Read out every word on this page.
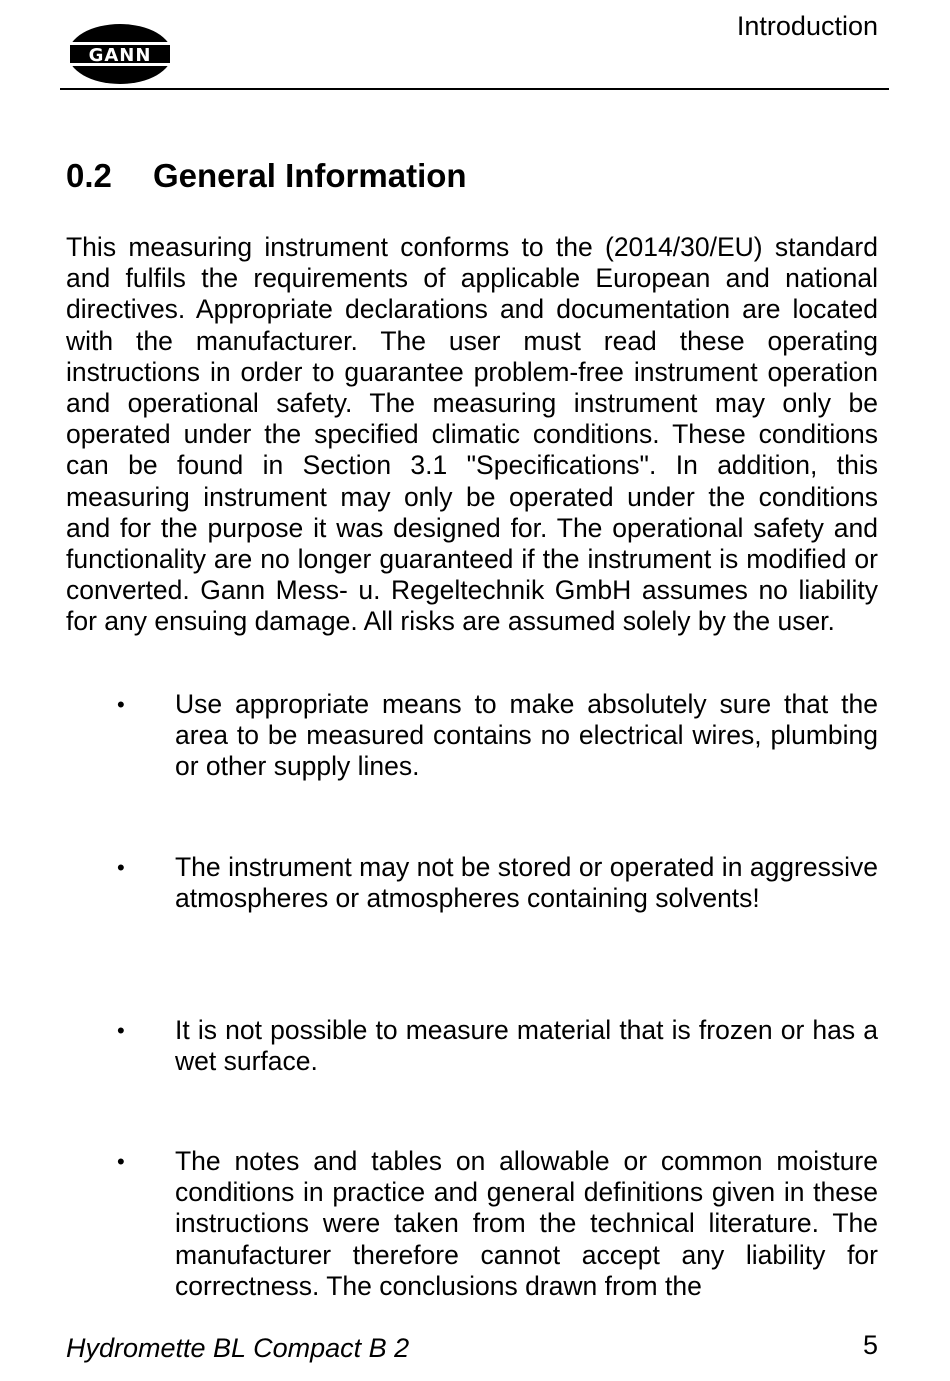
GANN
Introduction
0.2 General Information

This measuring instrument conforms to the (2014/30/EU) standard and fulfils the requirements of applicable European and national directives. Appropriate declarations and documentation are located with the manufacturer. The user must read these operating instructions in order to guarantee problem-free instrument operation and operational safety. The measuring instrument may only be operated under the specified climatic conditions. These conditions can be found in Section 3.1 "Specifications". In addition, this measuring instrument may only be operated under the conditions and for the purpose it was designed for. The operational safety and functionality are no longer guaranteed if the instrument is modified or converted. Gann Mess- u. Regeltechnik GmbH assumes no liability for any ensuing damage. All risks are assumed solely by the user.

•	Use appropriate means to make absolutely sure that the area to be measured contains no electrical wires, plumbing or other supply lines.
•	The instrument may not be stored or operated in aggressive atmospheres or atmospheres containing solvents!
•	It is not possible to measure material that is frozen or has a wet surface.
•	The notes and tables on allowable or common moisture conditions in practice and general definitions given in these instructions were taken from the technical literature. The manufacturer therefore cannot accept any liability for correctness. The conclusions drawn from the
Hydromette BL Compact B 2	5
